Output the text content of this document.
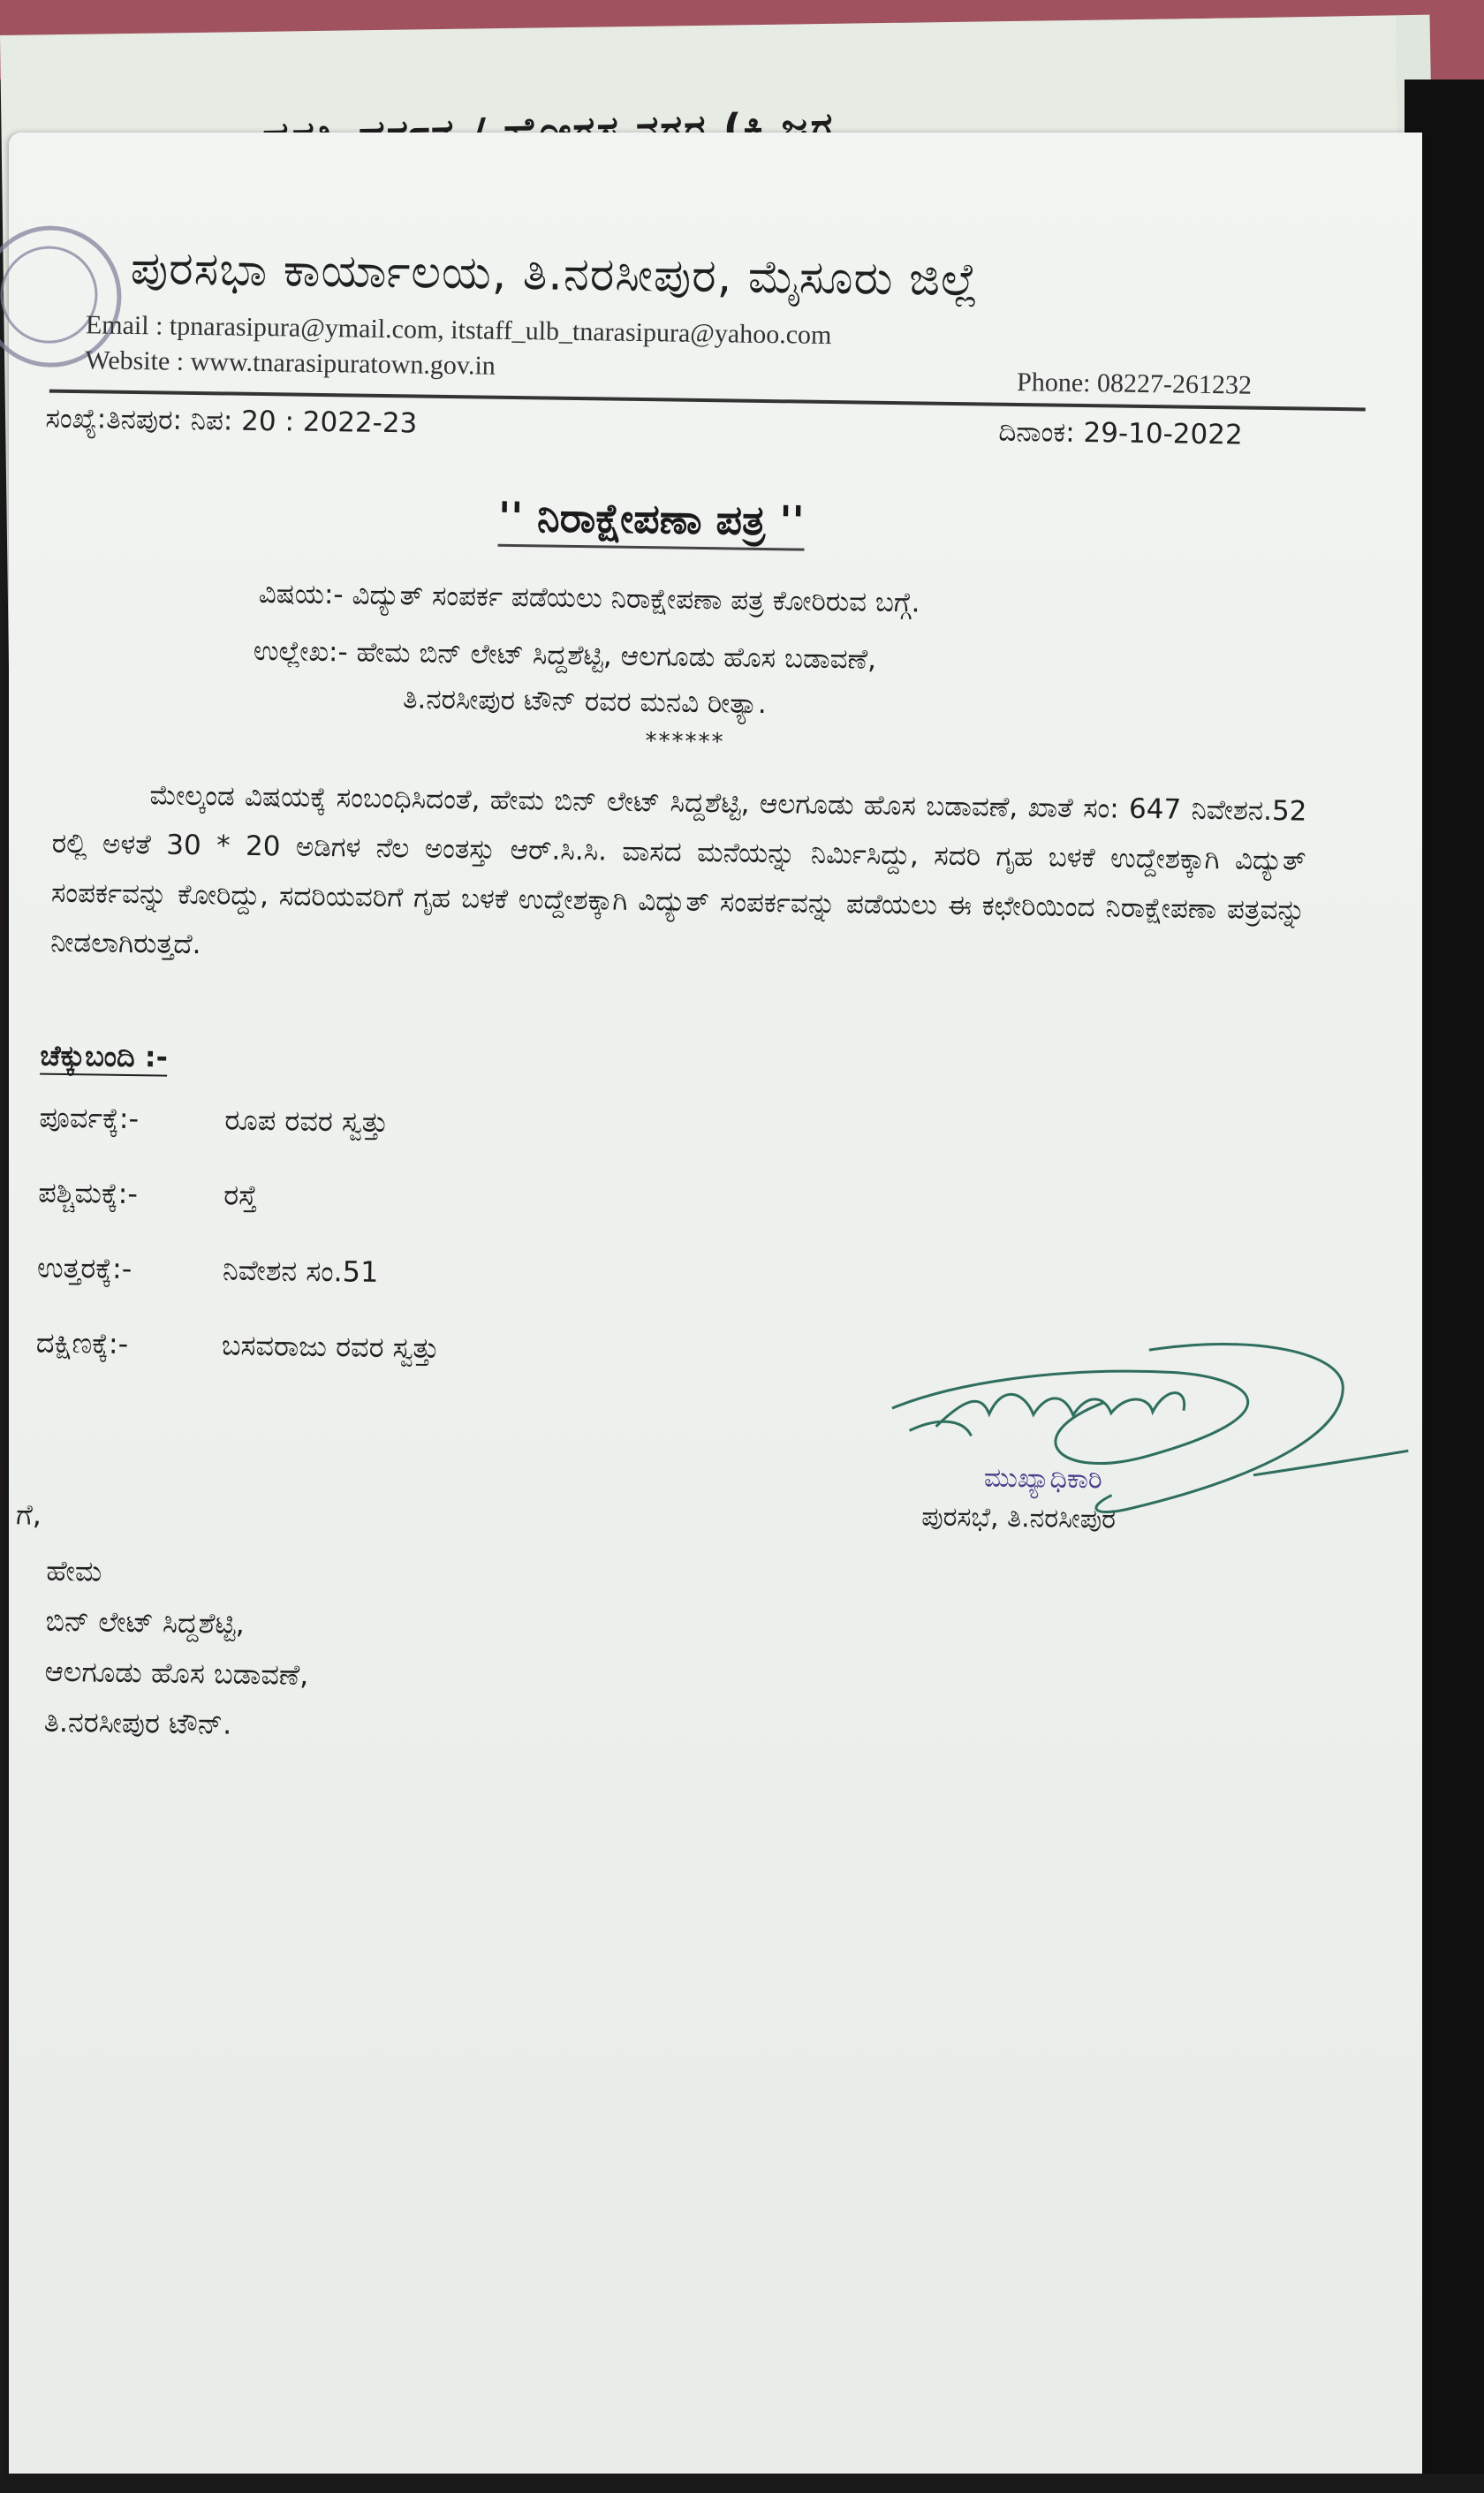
ಪುರಸಭಾ ಕಾರ್ಯಾಲಯ, ತಿ.ನರಸೀಪುರ, ಮೈಸೂರು ಜಿಲ್ಲೆ
Email : tpnarasipura@ymail.com, itstaff_ulb_tnarasipura@yahoo.com
Website : www.tnarasipuratown.gov.in
Phone: 08227-261232
ಸಂಖ್ಯೆ:ತಿನಪುರ: ನಿಪ: 20 : 2022-23	ದಿನಾಂಕ: 29-10-2022
'' ನಿರಾಕ್ಷೇಪಣಾ ಪತ್ರ ''
ವಿಷಯ:- ವಿದ್ಯುತ್ ಸಂಪರ್ಕ ಪಡೆಯಲು ನಿರಾಕ್ಷೇಪಣಾ ಪತ್ರ ಕೋರಿರುವ ಬಗ್ಗೆ.
ಉಲ್ಲೇಖ:- ಹೇಮ ಬಿನ್ ಲೇಟ್ ಸಿದ್ದಶೆಟ್ಟಿ, ಆಲಗೂಡು ಹೊಸ ಬಡಾವಣೆ,
ತಿ.ನರಸೀಪುರ ಟೌನ್ ರವರ ಮನವಿ ರೀತ್ಯಾ.
******
ಮೇಲ್ಕಂಡ ವಿಷಯಕ್ಕೆ ಸಂಬಂಧಿಸಿದಂತೆ, ಹೇಮ ಬಿನ್ ಲೇಟ್ ಸಿದ್ದಶೆಟ್ಟಿ, ಆಲಗೂಡು ಹೊಸ ಬಡಾವಣೆ, ಖಾತೆ ಸಂ: 647 ನಿವೇಶನ.52 ರಲ್ಲಿ ಅಳತೆ 30 * 20 ಅಡಿಗಳ ನೆಲ ಅಂತಸ್ತು ಆರ್.ಸಿ.ಸಿ. ವಾಸದ ಮನೆಯನ್ನು ನಿರ್ಮಿಸಿದ್ದು, ಸದರಿ ಗೃಹ ಬಳಕೆ ಉದ್ದೇಶಕ್ಕಾಗಿ ವಿದ್ಯುತ್ ಸಂಪರ್ಕವನ್ನು ಕೋರಿದ್ದು, ಸದರಿಯವರಿಗೆ ಗೃಹ ಬಳಕೆ ಉದ್ದೇಶಕ್ಕಾಗಿ ವಿದ್ಯುತ್ ಸಂಪರ್ಕವನ್ನು ಪಡೆಯಲು ಈ ಕಛೇರಿಯಿಂದ ನಿರಾಕ್ಷೇಪಣಾ ಪತ್ರವನ್ನು ನೀಡಲಾಗಿರುತ್ತದೆ.
ಚೆಕ್ಕುಬಂದಿ :-
ಪೂರ್ವಕ್ಕೆ:-	ರೂಪ ರವರ ಸ್ವತ್ತು
ಪಶ್ಚಿಮಕ್ಕೆ:-	ರಸ್ತೆ
ಉತ್ತರಕ್ಕೆ:-	ನಿವೇಶನ ಸಂ.51
ದಕ್ಷಿಣಕ್ಕೆ:-	ಬಸವರಾಜು ರವರ ಸ್ವತ್ತು
ಮುಖ್ಯಾಧಿಕಾರಿ
ಪುರಸಭೆ, ತಿ.ನರಸೀಪುರ
ಗೆ,
ಹೇಮ
ಬಿನ್ ಲೇಟ್ ಸಿದ್ದಶೆಟ್ಟಿ,
ಆಲಗೂಡು ಹೊಸ ಬಡಾವಣೆ,
ತಿ.ನರಸೀಪುರ ಟೌನ್.
